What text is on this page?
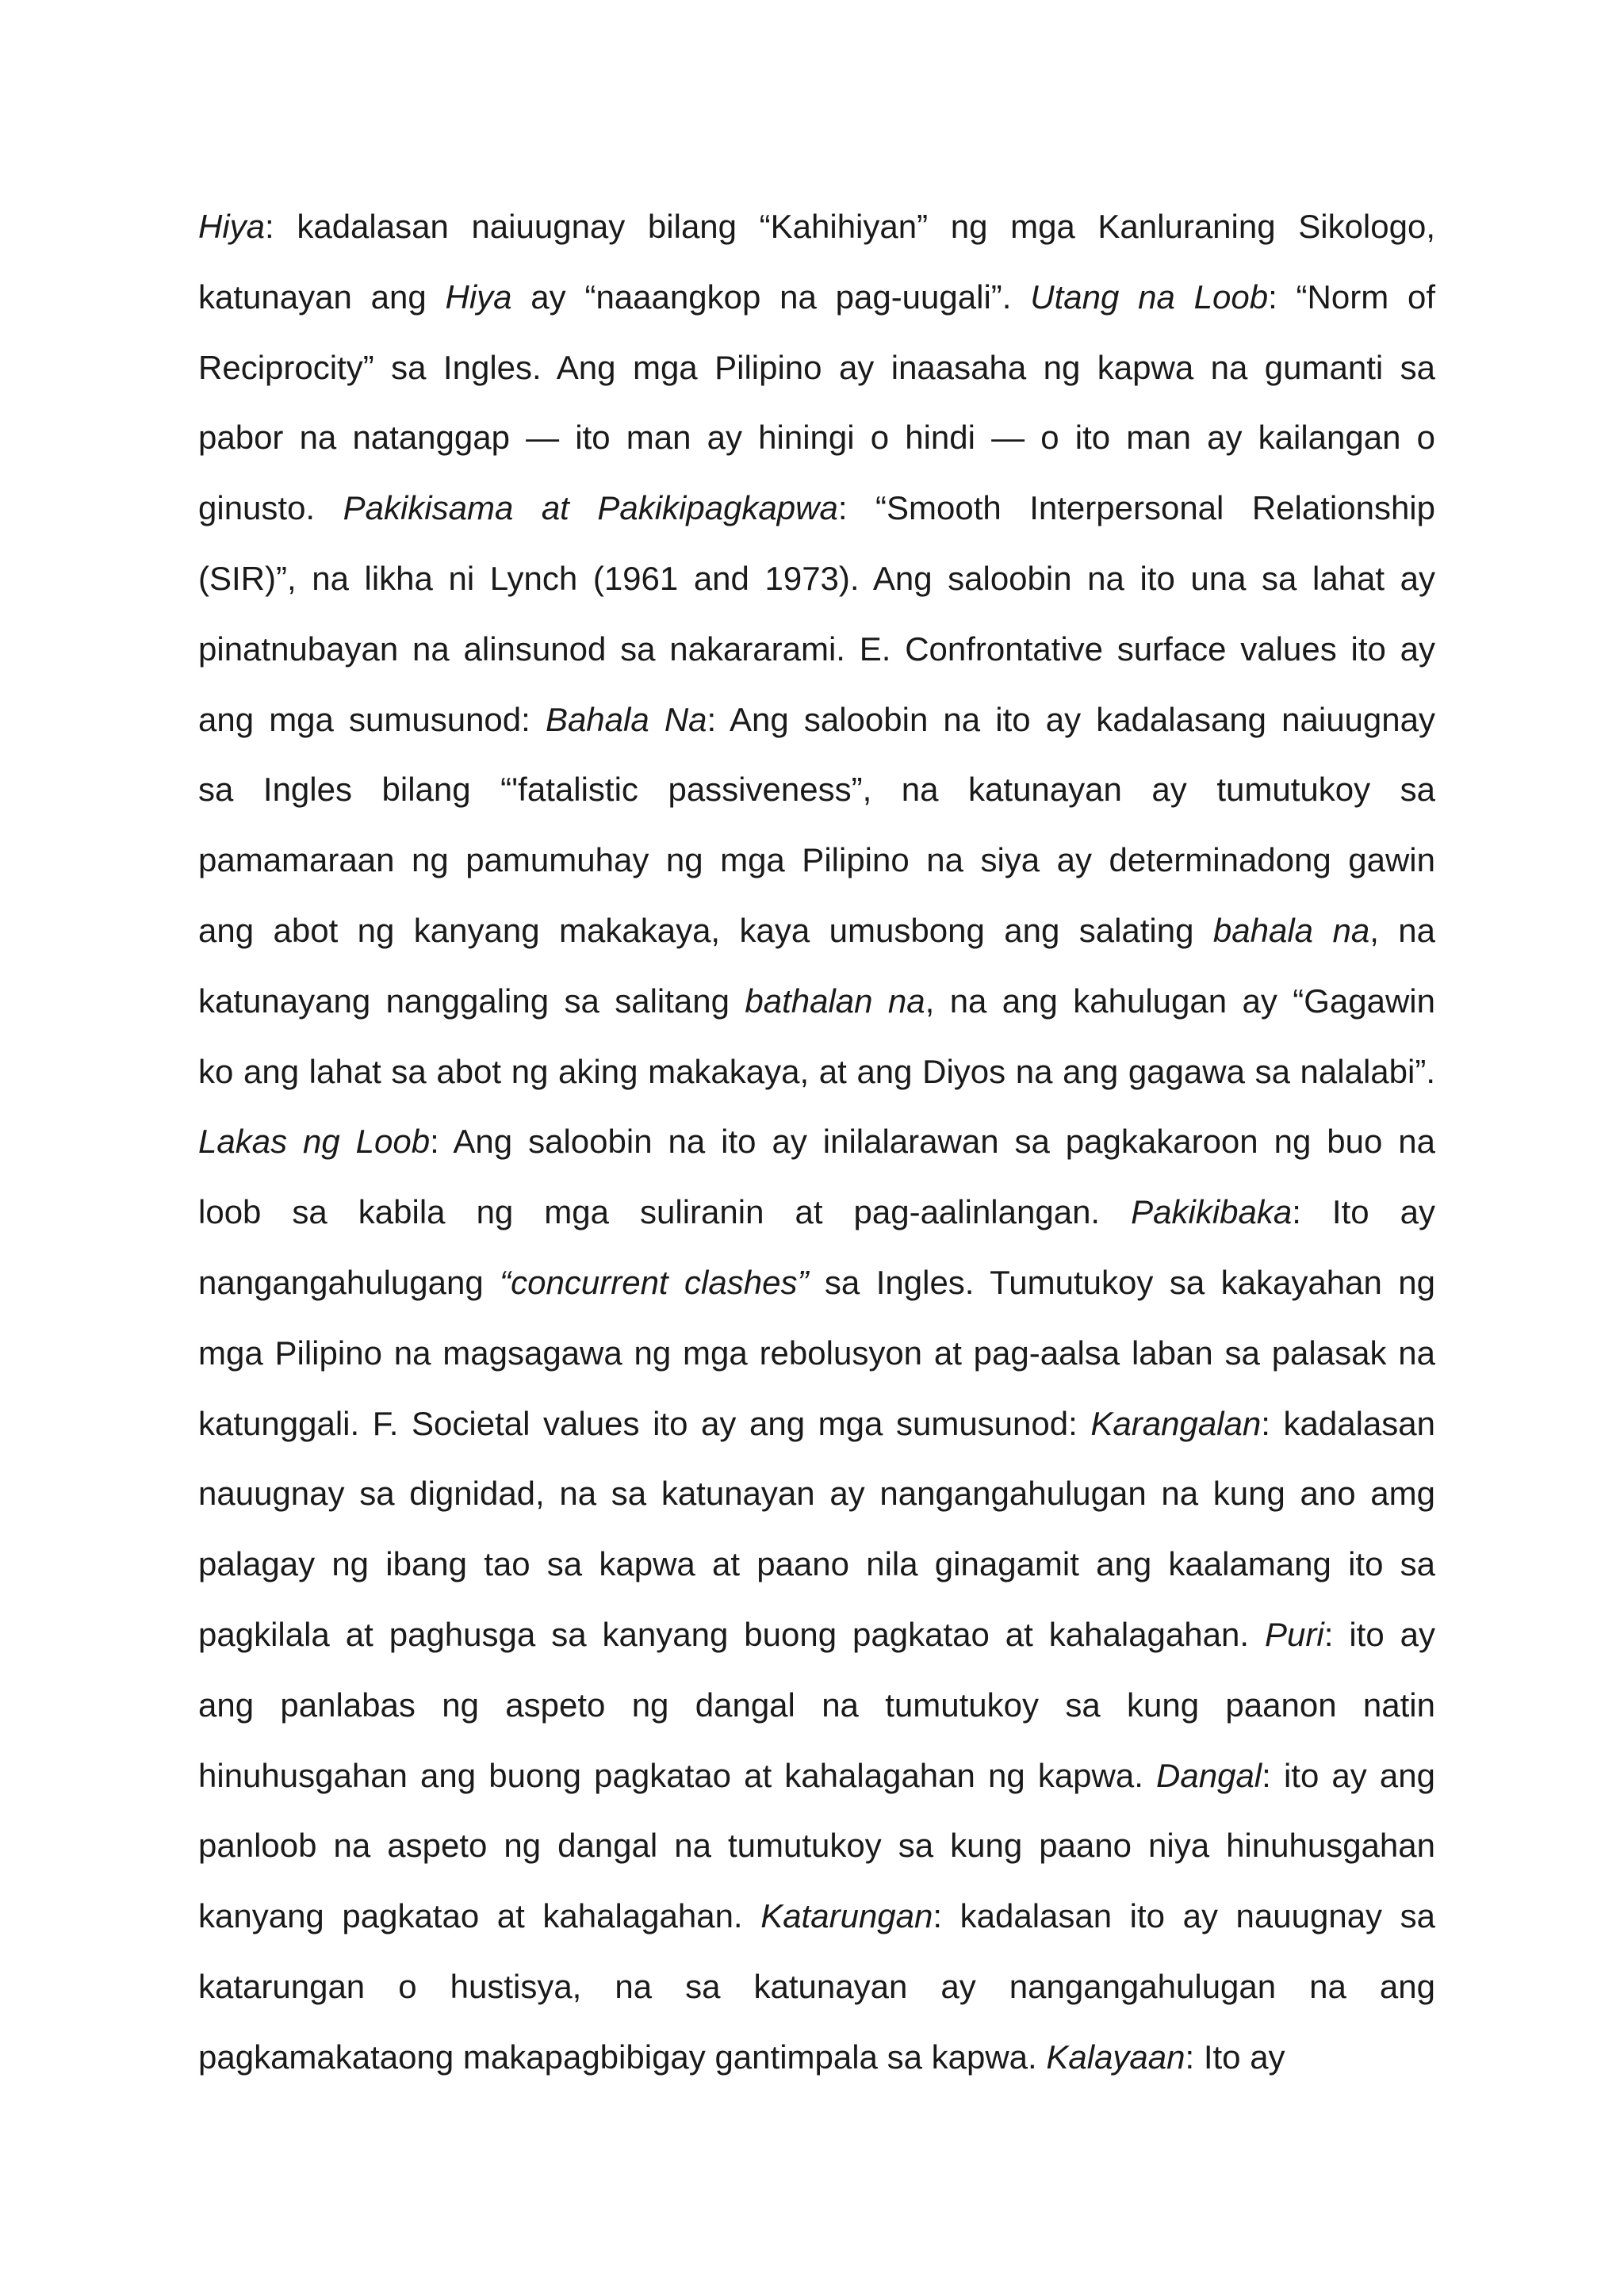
Hiya: kadalasan naiuugnay bilang “Kahihiyan” ng mga Kanluraning Sikologo,
katunayan ang Hiya ay “naaangkop na pag-uugali”. Utang na Loob: “Norm of
Reciprocity” sa Ingles. Ang mga Pilipino ay inaasaha ng kapwa na gumanti sa
pabor na natanggap — ito man ay hiningi o hindi — o ito man ay kailangan o
ginusto. Pakikisama at Pakikipagkapwa: “Smooth Interpersonal Relationship
(SIR)”, na likha ni Lynch (1961 and 1973). Ang saloobin na ito una sa lahat ay
pinatnubayan na alinsunod sa nakararami. E. Confrontative surface values ito ay
ang mga sumusunod: Bahala Na: Ang saloobin na ito ay kadalasang naiuugnay
sa Ingles bilang “'fatalistic passiveness”, na katunayan ay tumutukoy sa
pamamaraan ng pamumuhay ng mga Pilipino na siya ay determinadong gawin
ang abot ng kanyang makakaya, kaya umusbong ang salating bahala na, na
katunayang nanggaling sa salitang bathalan na, na ang kahulugan ay “Gagawin
ko ang lahat sa abot ng aking makakaya, at ang Diyos na ang gagawa sa nalalabi”.
Lakas ng Loob: Ang saloobin na ito ay inilalarawan sa pagkakaroon ng buo na
loob sa kabila ng mga suliranin at pag-aalinlangan. Pakikibaka: Ito ay
nangangahulugang “concurrent clashes” sa Ingles. Tumutukoy sa kakayahan ng
mga Pilipino na magsagawa ng mga rebolusyon at pag-aalsa laban sa palasak na
katunggali. F. Societal values ito ay ang mga sumusunod: Karangalan: kadalasan
nauugnay sa dignidad, na sa katunayan ay nangangahulugan na kung ano amg
palagay ng ibang tao sa kapwa at paano nila ginagamit ang kaalamang ito sa
pagkilala at paghusga sa kanyang buong pagkatao at kahalagahan. Puri: ito ay
ang panlabas ng aspeto ng dangal na tumutukoy sa kung paanon natin
hinuhusgahan ang buong pagkatao at kahalagahan ng kapwa. Dangal: ito ay ang
panloob na aspeto ng dangal na tumutukoy sa kung paano niya hinuhusgahan
kanyang pagkatao at kahalagahan. Katarungan: kadalasan ito ay nauugnay sa
katarungan o hustisya, na sa katunayan ay nangangahulugan na ang
pagkamakataong makapagbibigay gantimpala sa kapwa. Kalayaan: Ito ay
